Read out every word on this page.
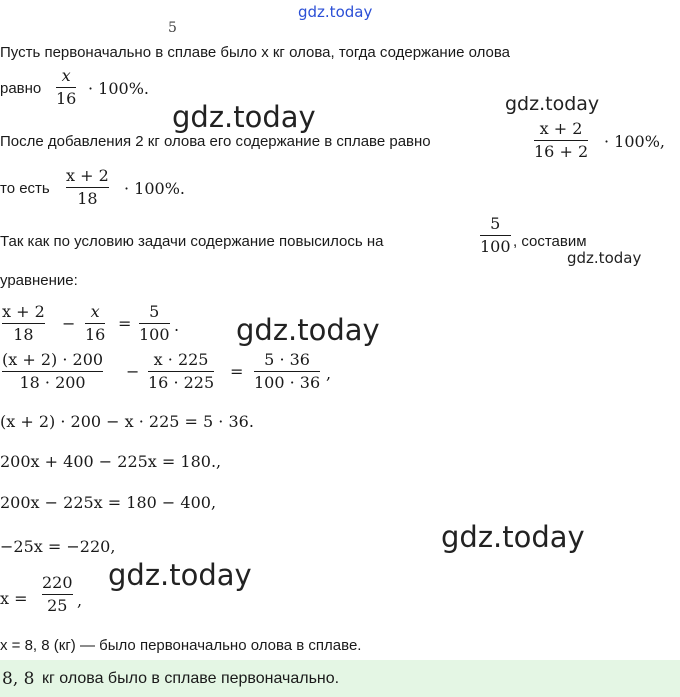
gdz.today
gdz.today	gdz.today
gdz.today
gdz.today
gdz.today
gdz.today
5
Пусть первоначально в сплаве было x кг олова, тогда содержание олова
равно
x
16
· 100%.
После добавления 2 кг олова его содержание в сплаве равно
x + 2
16 + 2
· 100%,
то есть
x + 2
18
· 100%.
Так как по условию задачи содержание повысилось на
5
100 , составим
уравнение:
x + 2
18
−
x
16
=
5
100 .
(x + 2) · 200
18 · 200
−
x · 225
16 · 225
=
5 · 36
100 · 36 ,
(x + 2) · 200 − x · 225 = 5 · 36.
200x + 400 − 225x = 180.,
200x − 225x = 180 − 400,
−25x = −220,
x =
220
25 ,
x = 8, 8 (кг) — было первоначально олова в сплаве.
8, 8 кг олова было в сплаве первоначально.
